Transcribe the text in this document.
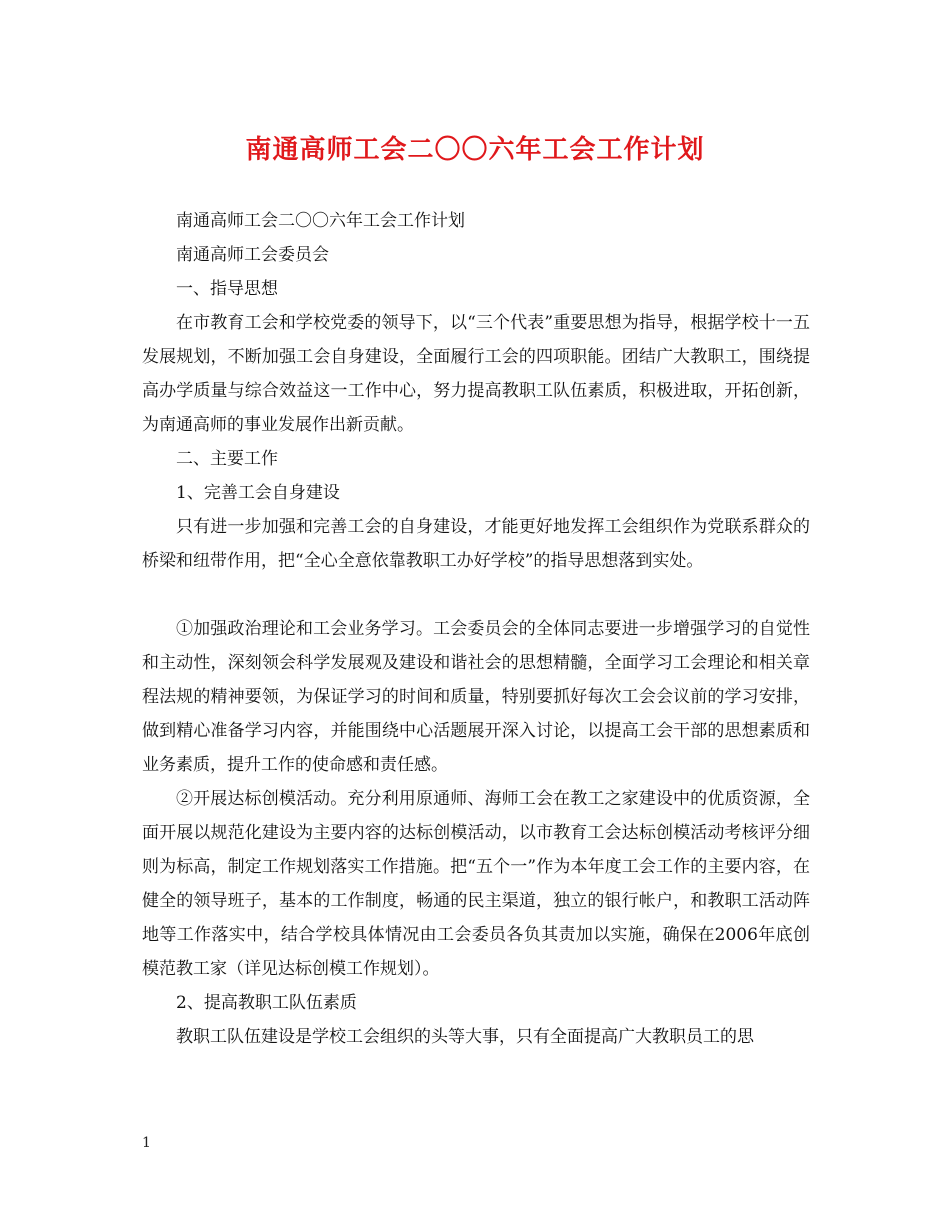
南通高师工会二〇〇六年工会工作计划

南通高师工会二〇〇六年工会工作计划

南通高师工会委员会

一、指导思想

在市教育工会和学校党委的领导下，以“三个代表”重要思想为指导，根据学校十一五发展规划，不断加强工会自身建设，全面履行工会的四项职能。团结广大教职工，围绕提高办学质量与综合效益这一工作中心，努力提高教职工队伍素质，积极进取，开拓创新，为南通高师的事业发展作出新贡献。

二、主要工作

1、完善工会自身建设

只有进一步加强和完善工会的自身建设，才能更好地发挥工会组织作为党联系群众的桥梁和纽带作用，把“全心全意依靠教职工办好学校”的指导思想落到实处。

①加强政治理论和工会业务学习。工会委员会的全体同志要进一步增强学习的自觉性和主动性，深刻领会科学发展观及建设和谐社会的思想精髓，全面学习工会理论和相关章程法规的精神要领，为保证学习的时间和质量，特别要抓好每次工会会议前的学习安排，做到精心准备学习内容，并能围绕中心活题展开深入讨论，以提高工会干部的思想素质和业务素质，提升工作的使命感和责任感。

②开展达标创模活动。充分利用原通师、海师工会在教工之家建设中的优质资源，全面开展以规范化建设为主要内容的达标创模活动，以市教育工会达标创模活动考核评分细则为标高，制定工作规划落实工作措施。把“五个一”作为本年度工会工作的主要内容，在健全的领导班子，基本的工作制度，畅通的民主渠道，独立的银行帐户，和教职工活动阵地等工作落实中，结合学校具体情况由工会委员各负其责加以实施，确保在2006年底创模范教工家（详见达标创模工作规划）。

2、提高教职工队伍素质

教职工队伍建设是学校工会组织的头等大事，只有全面提高广大教职员工的思

1
